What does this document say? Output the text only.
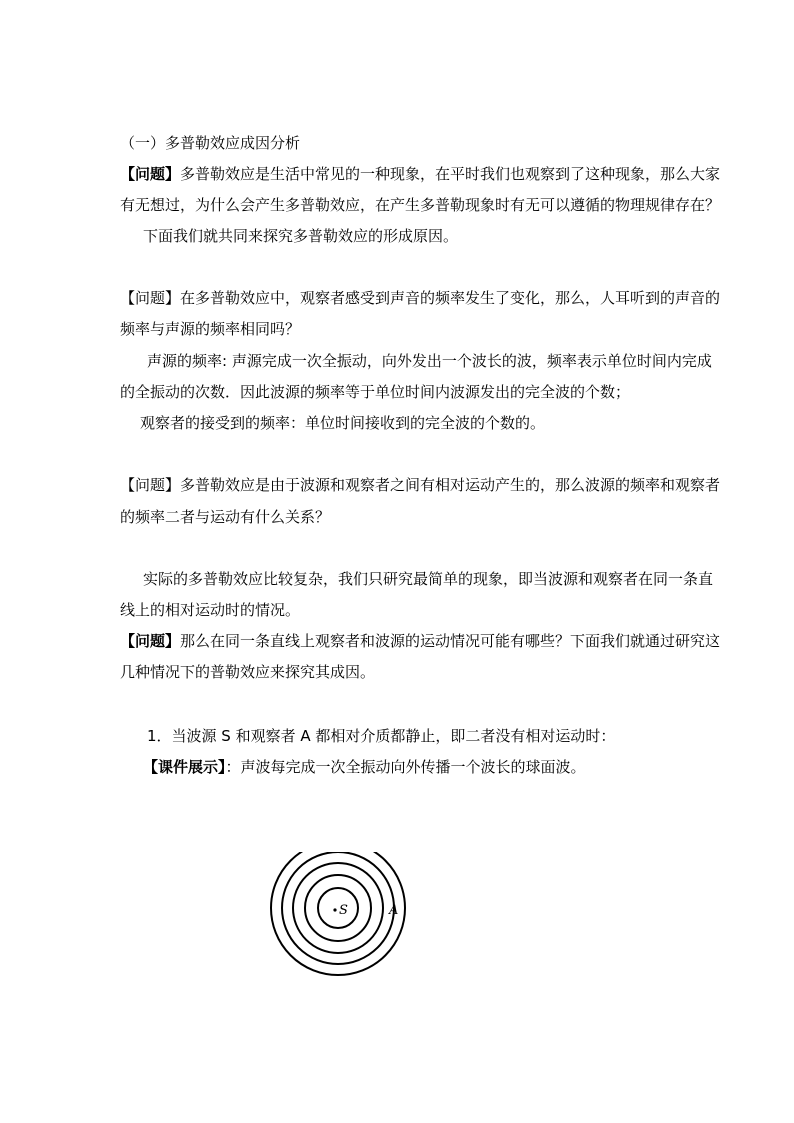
（一）多普勒效应成因分析
【问题】多普勒效应是生活中常见的一种现象，在平时我们也观察到了这种现象，那么大家
有无想过，为什么会产生多普勒效应，在产生多普勒现象时有无可以遵循的物理规律存在？
下面我们就共同来探究多普勒效应的形成原因。
【问题】在多普勒效应中，观察者感受到声音的频率发生了变化，那么，人耳听到的声音的
频率与声源的频率相同吗？
声源的频率: 声源完成一次全振动，向外发出一个波长的波，频率表示单位时间内完成
的全振动的次数．因此波源的频率等于单位时间内波源发出的完全波的个数；
观察者的接受到的频率：单位时间接收到的完全波的个数的。
【问题】多普勒效应是由于波源和观察者之间有相对运动产生的，那么波源的频率和观察者
的频率二者与运动有什么关系？
实际的多普勒效应比较复杂，我们只研究最简单的现象，即当波源和观察者在同一条直
线上的相对运动时的情况。
【问题】那么在同一条直线上观察者和波源的运动情况可能有哪些？下面我们就通过研究这
几种情况下的普勒效应来探究其成因。
1．当波源 S 和观察者 A 都相对介质都静止，即二者没有相对运动时：
【课件展示】：声波每完成一次全振动向外传播一个波长的球面波。
S	A
